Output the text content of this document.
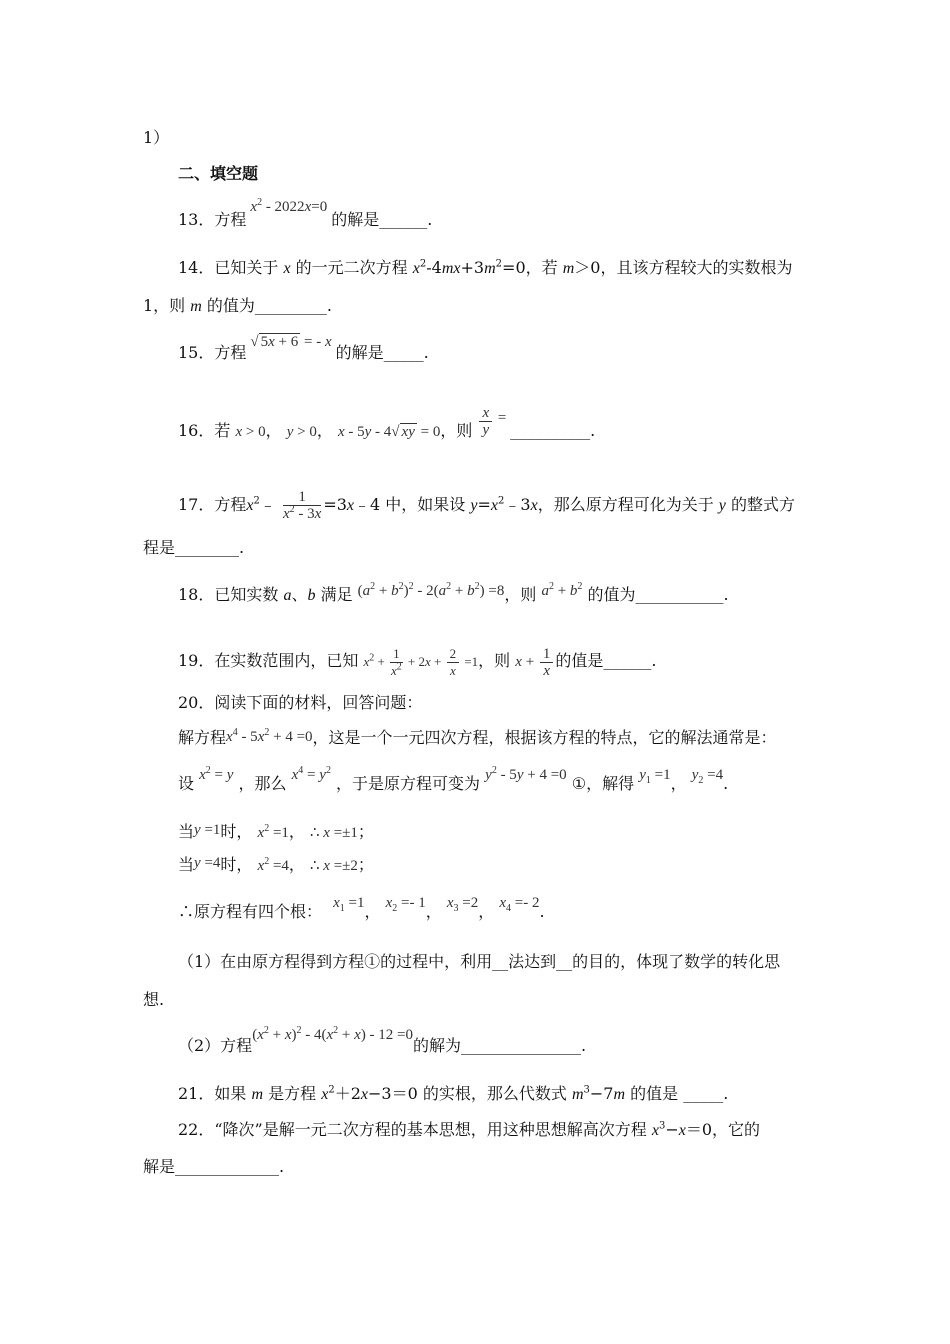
1）
二、填空题
13．方程$x^2 - 2022x=0$的解是______.
14．已知关于 x 的一元二次方程 $x^2-4mx+3m^2=0$，若 m＞0，且该方程较大的实数根为
1，则 m 的值为_________.
15．方程√ 5x + 6 = - x的解是_____.
16．若 x > 0， y > 0， x - 5y - 4√ xy = 0，则 $\frac{x}{y}$ = __________.
17．方程$x^2﹣ \frac{1}{x^2 - 3x}$ =3x﹣4 中，如果设 $y=x^2﹣3x$，那么原方程可化为关于 y 的整式方
程是________.
18．已知实数 a、b 满足 $(a^2 + b^2)^2 - 2(a^2 + b^2) =8$，则 $a^2 + b^2$ 的值为___________.
19．在实数范围内，已知 $x^2 + \frac{1}{x^2} + 2x + \frac{2}{x} =1$，则 $x + \frac{1}{x}$ 的值是______.
20．阅读下面的材料，回答问题：
解方程$x^4 - 5x^2 + 4 =0$，这是一个一元四次方程，根据该方程的特点，它的解法通常是：
设 $x^2 = y$ ，那么 $x^4 = y^2$ ，于是原方程可变为 $y^2 - 5y + 4 =0$ ①，解得 $y_1 =1$， $y_2 =4$.
当y =1时， $x^2 =1$， ∴ x =±1；
当y =4时， $x^2 =4$， ∴ x =±2；
∴原方程有四个根： $x_1 =1$， $x_2 =- 1$， $x_3 =2$， $x_4 =- 2$.
（1）在由原方程得到方程①的过程中，利用__法达到__的目的，体现了数学的转化思
想.
（2）方程$(x^2 + x)^2 - 4(x^2 + x) - 12 =0$的解为_______________.
21．如果 m 是方程 $x^2+2x-3=0$ 的实根，那么代数式 $m^3-7m$ 的值是 _____.
22．“降次”是解一元二次方程的基本思想，用这种思想解高次方程 $x^3-x=0$，它的
解是_____________.
